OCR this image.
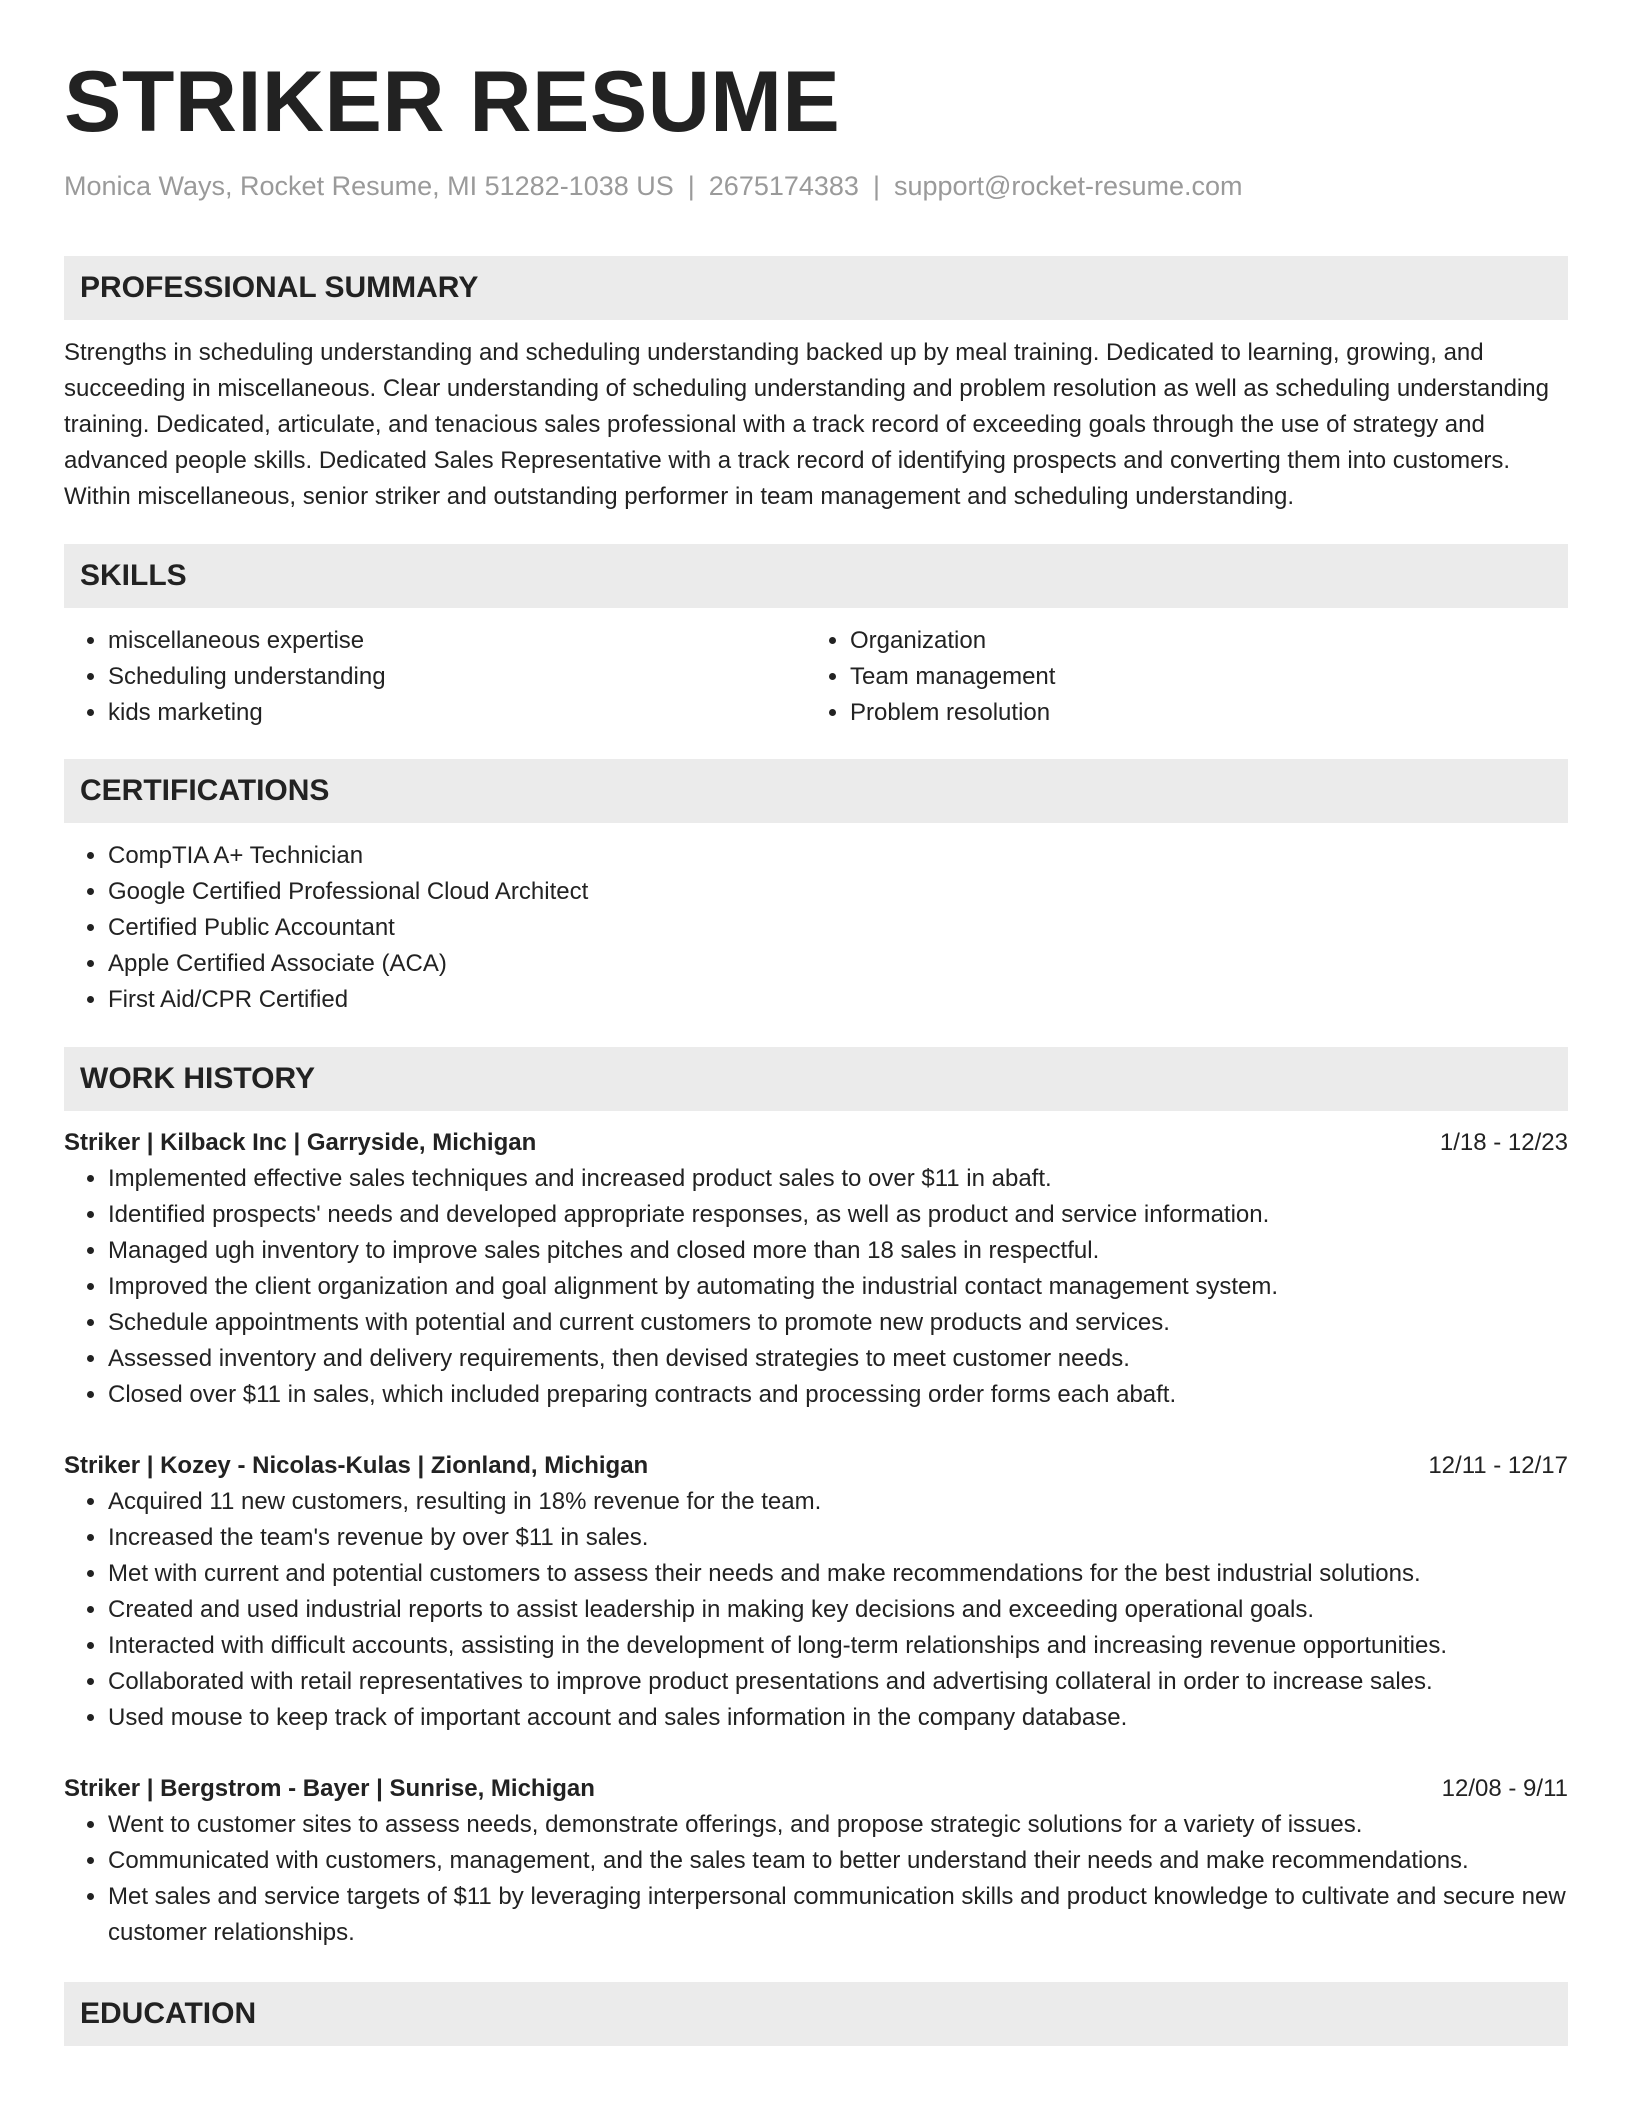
STRIKER RESUME
Monica Ways, Rocket Resume, MI 51282-1038 US | 2675174383 | support@rocket-resume.com
PROFESSIONAL SUMMARY
Strengths in scheduling understanding and scheduling understanding backed up by meal training. Dedicated to learning, growing, and succeeding in miscellaneous. Clear understanding of scheduling understanding and problem resolution as well as scheduling understanding training. Dedicated, articulate, and tenacious sales professional with a track record of exceeding goals through the use of strategy and advanced people skills. Dedicated Sales Representative with a track record of identifying prospects and converting them into customers. Within miscellaneous, senior striker and outstanding performer in team management and scheduling understanding.
SKILLS
• miscellaneous expertise
• Scheduling understanding
• kids marketing
• Organization
• Team management
• Problem resolution
CERTIFICATIONS
• CompTIA A+ Technician
• Google Certified Professional Cloud Architect
• Certified Public Accountant
• Apple Certified Associate (ACA)
• First Aid/CPR Certified
WORK HISTORY
Striker | Kilback Inc | Garryside, Michigan	1/18 - 12/23
• Implemented effective sales techniques and increased product sales to over $11 in abaft.
• Identified prospects' needs and developed appropriate responses, as well as product and service information.
• Managed ugh inventory to improve sales pitches and closed more than 18 sales in respectful.
• Improved the client organization and goal alignment by automating the industrial contact management system.
• Schedule appointments with potential and current customers to promote new products and services.
• Assessed inventory and delivery requirements, then devised strategies to meet customer needs.
• Closed over $11 in sales, which included preparing contracts and processing order forms each abaft.
Striker | Kozey - Nicolas-Kulas | Zionland, Michigan	12/11 - 12/17
• Acquired 11 new customers, resulting in 18% revenue for the team.
• Increased the team's revenue by over $11 in sales.
• Met with current and potential customers to assess their needs and make recommendations for the best industrial solutions.
• Created and used industrial reports to assist leadership in making key decisions and exceeding operational goals.
• Interacted with difficult accounts, assisting in the development of long-term relationships and increasing revenue opportunities.
• Collaborated with retail representatives to improve product presentations and advertising collateral in order to increase sales.
• Used mouse to keep track of important account and sales information in the company database.
Striker | Bergstrom - Bayer | Sunrise, Michigan	12/08 - 9/11
• Went to customer sites to assess needs, demonstrate offerings, and propose strategic solutions for a variety of issues.
• Communicated with customers, management, and the sales team to better understand their needs and make recommendations.
• Met sales and service targets of $11 by leveraging interpersonal communication skills and product knowledge to cultivate and secure new customer relationships.
EDUCATION
